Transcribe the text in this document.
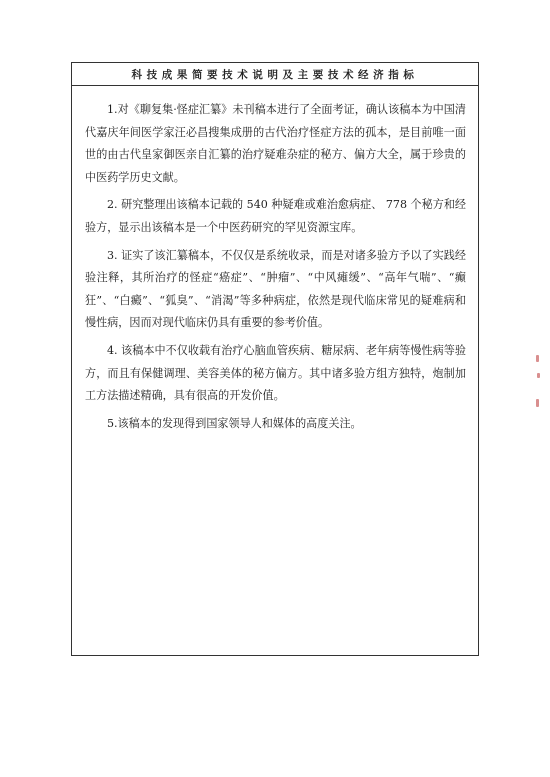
科技成果简要技术说明及主要技术经济指标

1.对《聊复集·怪症汇纂》未刊稿本进行了全面考证，确认该稿本为中国清代嘉庆年间医学家汪必昌搜集成册的古代治疗怪症方法的孤本，是目前唯一面世的由古代皇家御医亲自汇纂的治疗疑难杂症的秘方、偏方大全，属于珍贵的中医药学历史文献。

2. 研究整理出该稿本记载的 540 种疑难或难治愈病症、 778 个秘方和经验方，显示出该稿本是一个中医药研究的罕见资源宝库。

3. 证实了该汇纂稿本，不仅仅是系统收录，而是对诸多验方予以了实践经验注释，其所治疗的怪症“癌症”、“肿瘤”、“中风瘫缓”、“高年气喘”、“癫狂”、“白癜”、“狐臭”、“消渴”等多种病症，依然是现代临床常见的疑难病和慢性病，因而对现代临床仍具有重要的参考价值。

4. 该稿本中不仅收载有治疗心脑血管疾病、糖尿病、老年病等慢性病等验方，而且有保健调理、美容美体的秘方偏方。其中诸多验方组方独特，炮制加工方法描述精确，具有很高的开发价值。

5.该稿本的发现得到国家领导人和媒体的高度关注。
